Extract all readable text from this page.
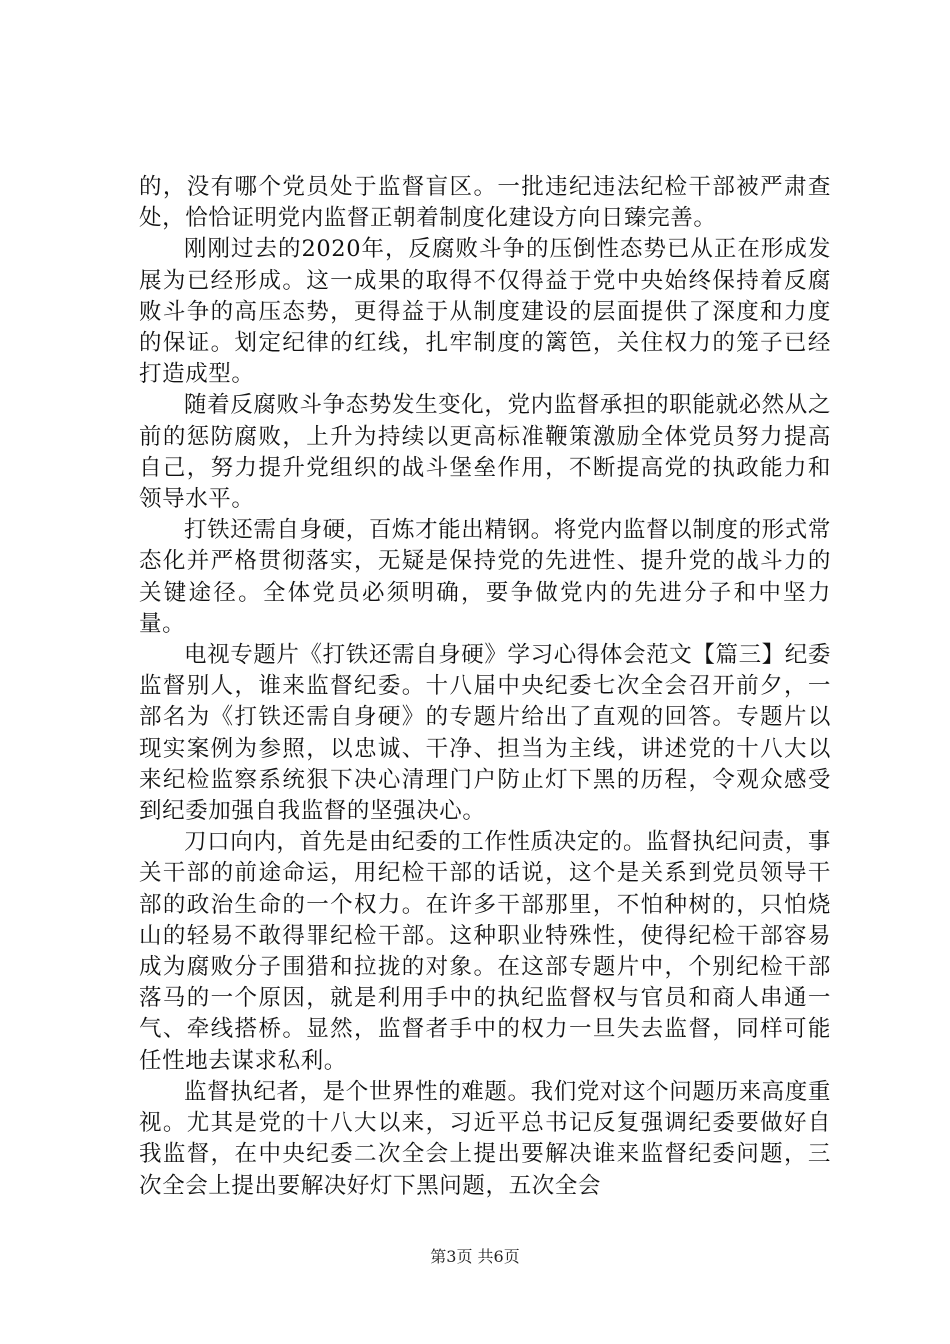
的，没有哪个党员处于监督盲区。一批违纪违法纪检干部被严肃查处，恰恰证明党内监督正朝着制度化建设方向日臻完善。

刚刚过去的2020年，反腐败斗争的压倒性态势已从正在形成发展为已经形成。这一成果的取得不仅得益于党中央始终保持着反腐败斗争的高压态势，更得益于从制度建设的层面提供了深度和力度的保证。划定纪律的红线，扎牢制度的篱笆，关住权力的笼子已经打造成型。

随着反腐败斗争态势发生变化，党内监督承担的职能就必然从之前的惩防腐败，上升为持续以更高标准鞭策激励全体党员努力提高自己，努力提升党组织的战斗堡垒作用，不断提高党的执政能力和领导水平。

打铁还需自身硬，百炼才能出精钢。将党内监督以制度的形式常态化并严格贯彻落实，无疑是保持党的先进性、提升党的战斗力的关键途径。全体党员必须明确，要争做党内的先进分子和中坚力量。

电视专题片《打铁还需自身硬》学习心得体会范文【篇三】纪委监督别人，谁来监督纪委。十八届中央纪委七次全会召开前夕，一部名为《打铁还需自身硬》的专题片给出了直观的回答。专题片以现实案例为参照，以忠诚、干净、担当为主线，讲述党的十八大以来纪检监察系统狠下决心清理门户防止灯下黑的历程，令观众感受到纪委加强自我监督的坚强决心。

刀口向内，首先是由纪委的工作性质决定的。监督执纪问责，事关干部的前途命运，用纪检干部的话说，这个是关系到党员领导干部的政治生命的一个权力。在许多干部那里，不怕种树的，只怕烧山的轻易不敢得罪纪检干部。这种职业特殊性，使得纪检干部容易成为腐败分子围猎和拉拢的对象。在这部专题片中，个别纪检干部落马的一个原因，就是利用手中的执纪监督权与官员和商人串通一气、牵线搭桥。显然，监督者手中的权力一旦失去监督，同样可能任性地去谋求私利。

监督执纪者，是个世界性的难题。我们党对这个问题历来高度重视。尤其是党的十八大以来，习近平总书记反复强调纪委要做好自我监督，在中央纪委二次全会上提出要解决谁来监督纪委问题，三次全会上提出要解决好灯下黑问题，五次全会

第3页 共6页
